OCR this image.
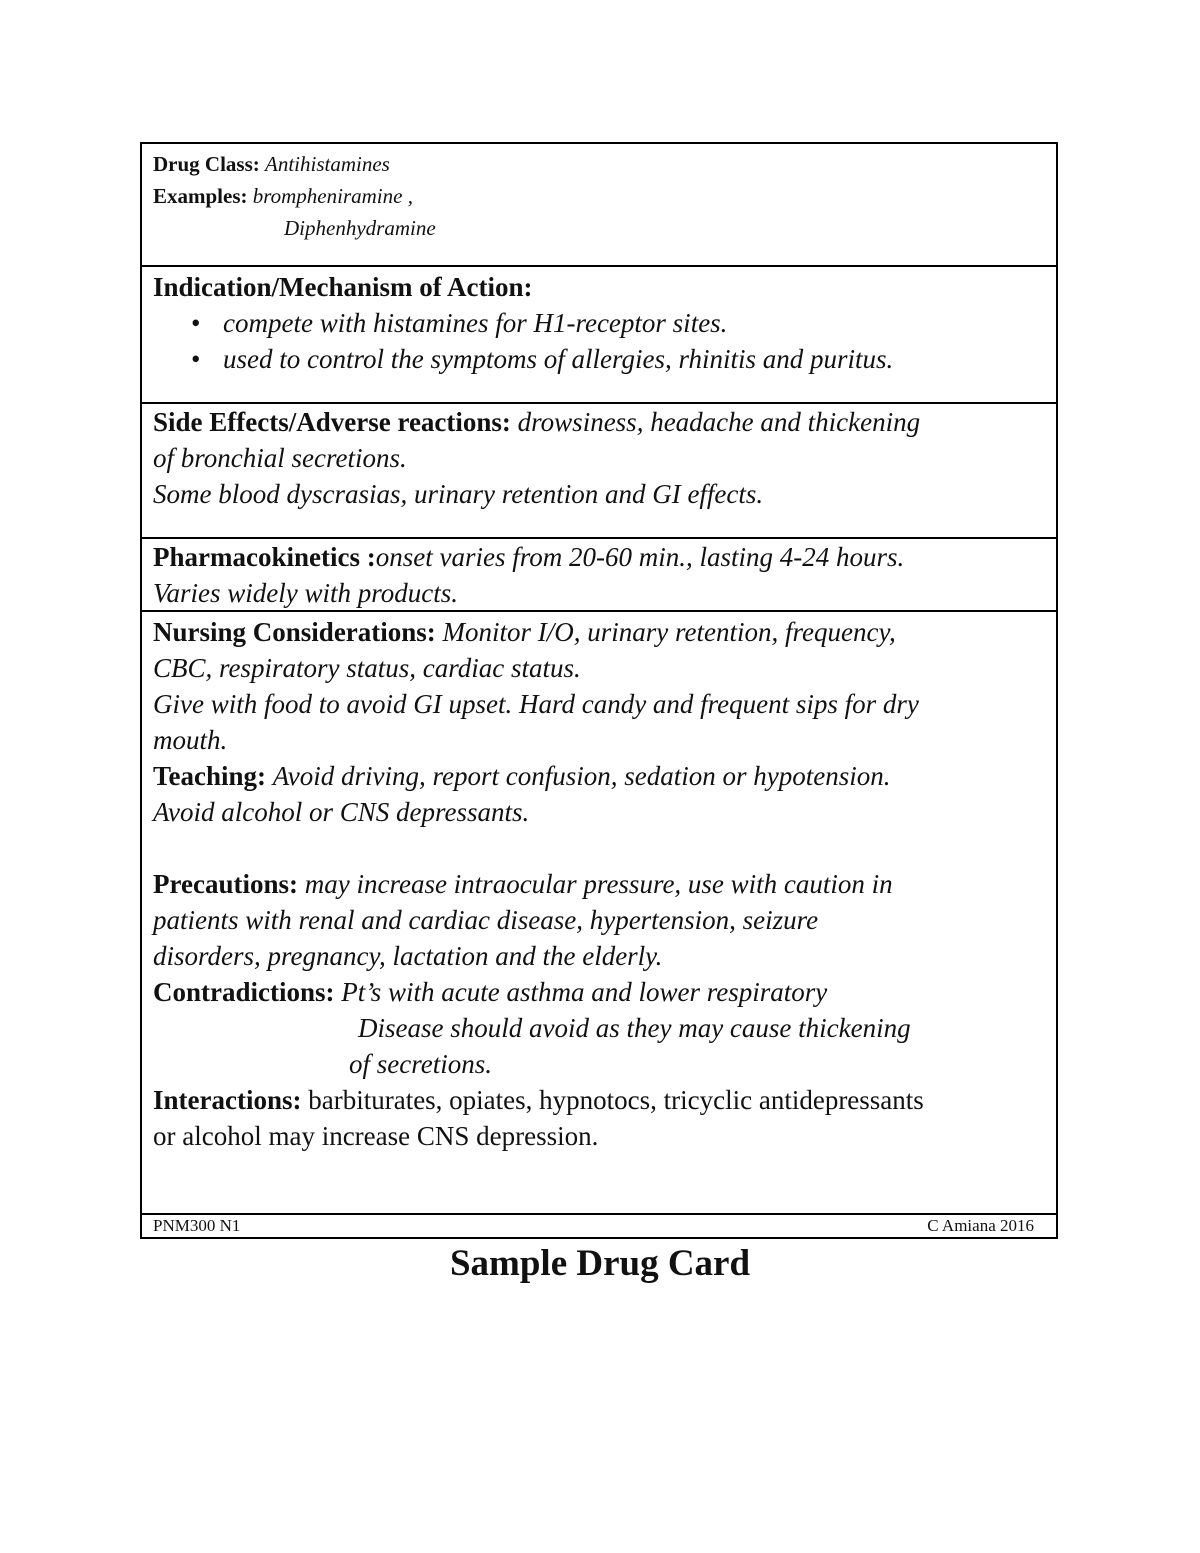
Drug Class: Antihistamines
Examples: brompheniramine ,
Diphenhydramine
Indication/Mechanism of Action:
• compete with histamines for H1-receptor sites.
• used to control the symptoms of allergies, rhinitis and puritus.
Side Effects/Adverse reactions: drowsiness, headache and thickening
of bronchial secretions.
Some blood dyscrasias, urinary retention and GI effects.
Pharmacokinetics :onset varies from 20-60 min., lasting 4-24 hours.
Varies widely with products.
Nursing Considerations: Monitor I/O, urinary retention, frequency,
CBC, respiratory status, cardiac status.
Give with food to avoid GI upset. Hard candy and frequent sips for dry
mouth.
Teaching: Avoid driving, report confusion, sedation or hypotension.
Avoid alcohol or CNS depressants.
Precautions: may increase intraocular pressure, use with caution in
patients with renal and cardiac disease, hypertension, seizure
disorders, pregnancy, lactation and the elderly.
Contradictions: Pt’s with acute asthma and lower respiratory
Disease should avoid as they may cause thickening
of secretions.
Interactions: barbiturates, opiates, hypnotocs, tricyclic antidepressants
or alcohol may increase CNS depression.
PNM300 N1	C Amiana 2016
Sample Drug Card
